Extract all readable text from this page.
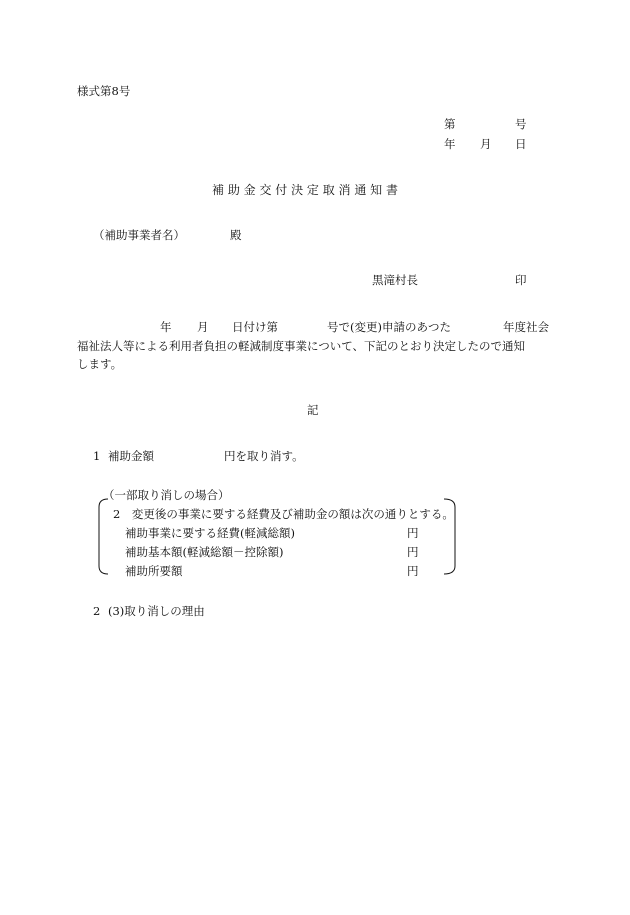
様式第8号
第	号
年 月 日
補 助 金 交 付 決 定 取 消 通 知 書
（補助事業者名）	殿
黒滝村長	印
年 月 日付け第	号で(変更)申請のあつた	年度社会
福祉法人等による利用者負担の軽減制度事業について、下記のとおり決定したので通知
します。
記
1 補助金額	円を取り消す。
（一部取り消しの場合）
2　変更後の事業に要する経費及び補助金の額は次の通りとする。
補助事業に要する経費(軽減総額)	円
補助基本額(軽減総額－控除額)	円
補助所要額	円
2 (3)取り消しの理由
